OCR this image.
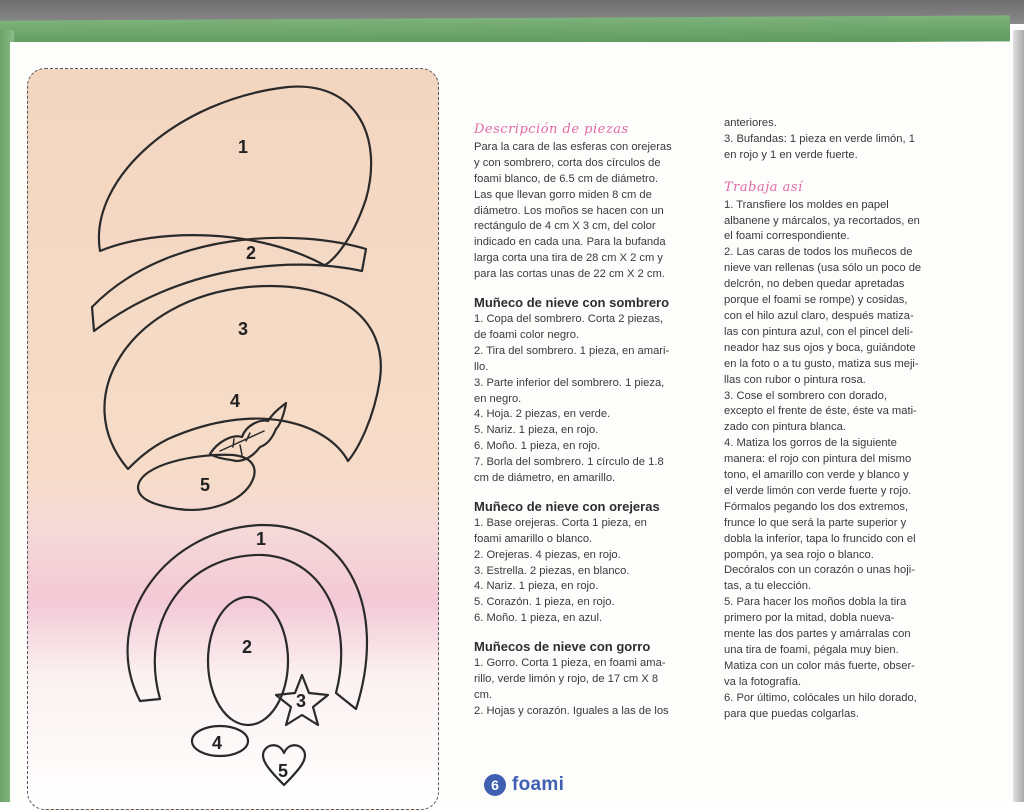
1
2
3
4
5
1
2
3
4
5
Descripción de piezas
Para la cara de las esferas con orejeras
y con sombrero, corta dos círculos de
foami blanco, de 6.5 cm de diámetro.
Las que llevan gorro miden 8 cm de
diámetro. Los moños se hacen con un
rectángulo de 4 cm X 3 cm, del color
indicado en cada una. Para la bufanda
larga corta una tira de 28 cm X 2 cm y
para las cortas unas de 22 cm X 2 cm.
Muñeco de nieve con sombrero
1. Copa del sombrero. Corta 2 piezas,
de foami color negro.
2. Tira del sombrero. 1 pieza, en amari-
llo.
3. Parte inferior del sombrero. 1 pieza,
en negro.
4. Hoja. 2 piezas, en verde.
5. Nariz. 1 pieza, en rojo.
6. Moño. 1 pieza, en rojo.
7. Borla del sombrero. 1 círculo de 1.8
cm de diámetro, en amarillo.
Muñeco de nieve con orejeras
1. Base orejeras. Corta 1 pieza, en
foami amarillo o blanco.
2. Orejeras. 4 piezas, en rojo.
3. Estrella. 2 piezas, en blanco.
4. Nariz. 1 pieza, en rojo.
5. Corazón. 1 pieza, en rojo.
6. Moño. 1 pieza, en azul.
Muñecos de nieve con gorro
1. Gorro. Corta 1 pieza, en foami ama-
rillo, verde limón y rojo, de 17 cm X 8
cm.
2. Hojas y corazón. Iguales a las de los
anteriores.
3. Bufandas: 1 pieza en verde limón, 1
en rojo y 1 en verde fuerte.
Trabaja así
1. Transfiere los moldes en papel
albanene y márcalos, ya recortados, en
el foami correspondiente.
2. Las caras de todos los muñecos de
nieve van rellenas (usa sólo un poco de
delcrón, no deben quedar apretadas
porque el foami se rompe) y cosidas,
con el hilo azul claro, después matiza-
las con pintura azul, con el pincel deli-
neador haz sus ojos y boca, guiándote
en la foto o a tu gusto, matiza sus meji-
llas con rubor o pintura rosa.
3. Cose el sombrero con dorado,
excepto el frente de éste, éste va mati-
zado con pintura blanca.
4. Matiza los gorros de la siguiente
manera: el rojo con pintura del mismo
tono, el amarillo con verde y blanco y
el verde limón con verde fuerte y rojo.
Fórmalos pegando los dos extremos,
frunce lo que será la parte superior y
dobla la inferior, tapa lo fruncido con el
pompón, ya sea rojo o blanco.
Decóralos con un corazón o unas hoji-
tas, a tu elección.
5. Para hacer los moños dobla la tira
primero por la mitad, dobla nueva-
mente las dos partes y amárralas con
una tira de foami, pégala muy bien.
Matiza con un color más fuerte, obser-
va la fotografía.
6. Por último, colócales un hilo dorado,
para que puedas colgarlas.
6 foami
